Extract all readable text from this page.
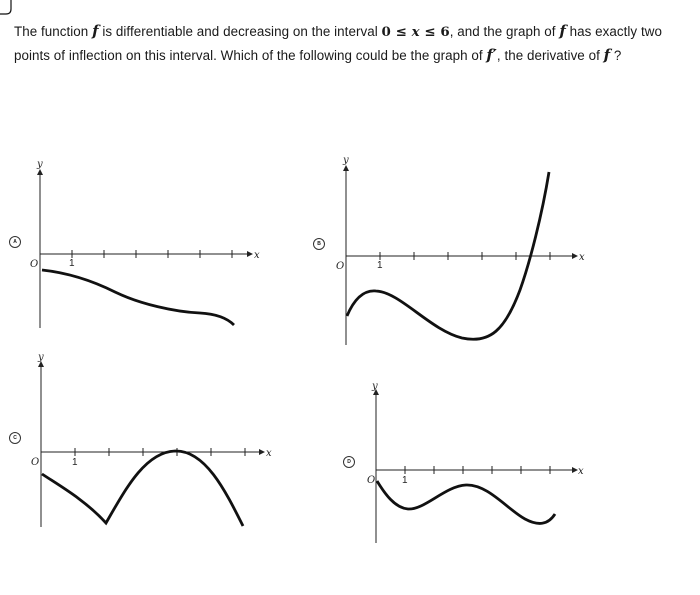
The function f is differentiable and decreasing on the interval 0 ≤ x ≤ 6, and the graph of f has exactly two points of inflection on this interval. Which of the following could be the graph of f′, the derivative of f ?
A
y
x
O	1
B
y
x
O	1
C
y
x
O	1	D
y
x
O	1
